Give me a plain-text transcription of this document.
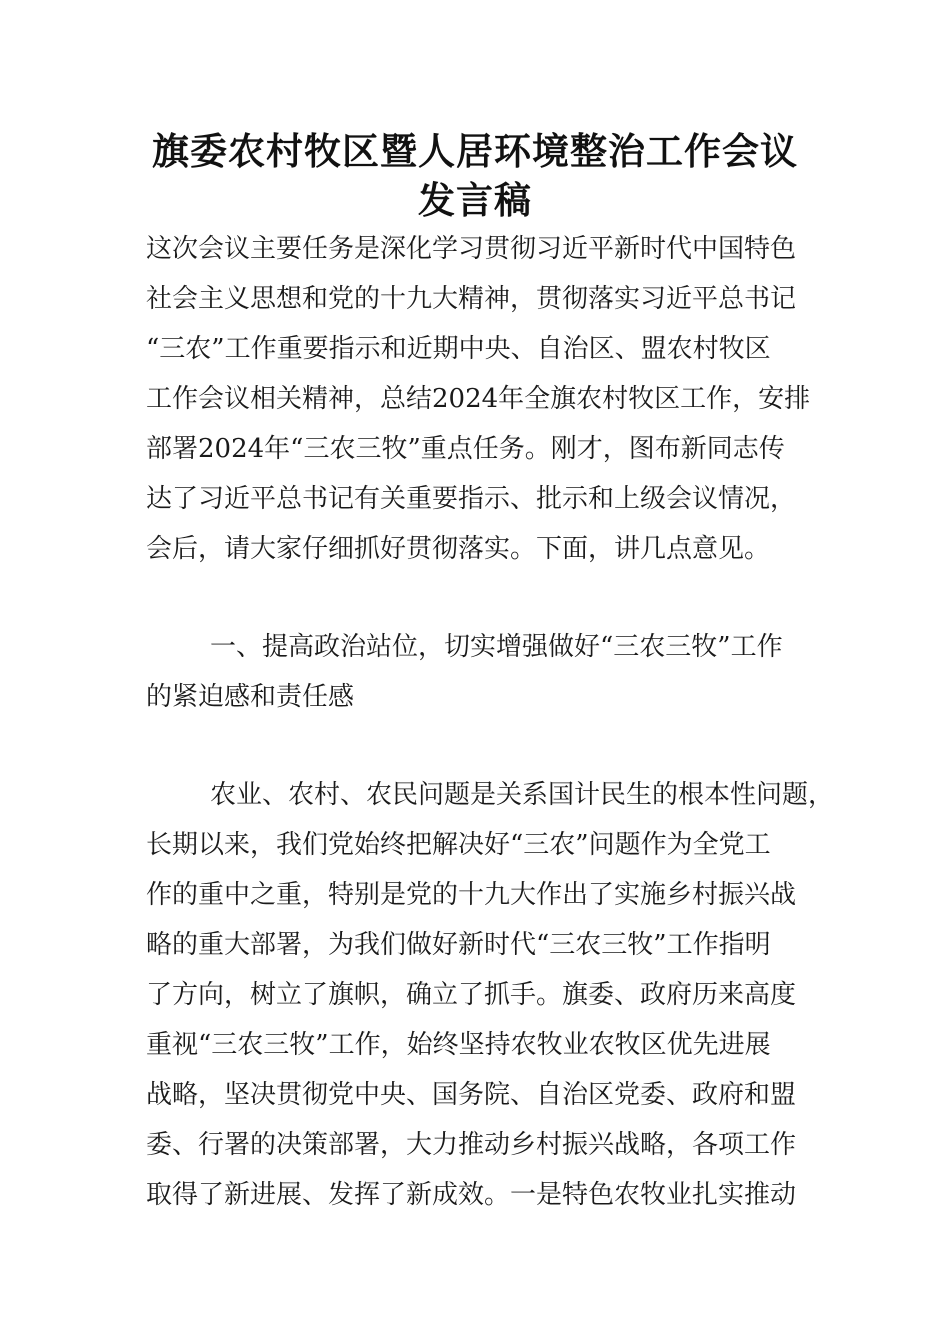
旗委农村牧区暨人居环境整治工作会议
发言稿
这次会议主要任务是深化学习贯彻习近平新时代中国特色
社会主义思想和党的十九大精神，贯彻落实习近平总书记
“三农”工作重要指示和近期中央、自治区、盟农村牧区
工作会议相关精神，总结2024年全旗农村牧区工作，安排
部署2024年“三农三牧”重点任务。刚才，图布新同志传
达了习近平总书记有关重要指示、批示和上级会议情况，
会后，请大家仔细抓好贯彻落实。下面，讲几点意见。
一、提高政治站位，切实增强做好“三农三牧”工作
的紧迫感和责任感
农业、农村、农民问题是关系国计民生的根本性问题，
长期以来，我们党始终把解决好“三农”问题作为全党工
作的重中之重，特别是党的十九大作出了实施乡村振兴战
略的重大部署，为我们做好新时代“三农三牧”工作指明
了方向，树立了旗帜，确立了抓手。旗委、政府历来高度
重视“三农三牧”工作，始终坚持农牧业农牧区优先进展
战略，坚决贯彻党中央、国务院、自治区党委、政府和盟
委、行署的决策部署，大力推动乡村振兴战略，各项工作
取得了新进展、发挥了新成效。一是特色农牧业扎实推动
